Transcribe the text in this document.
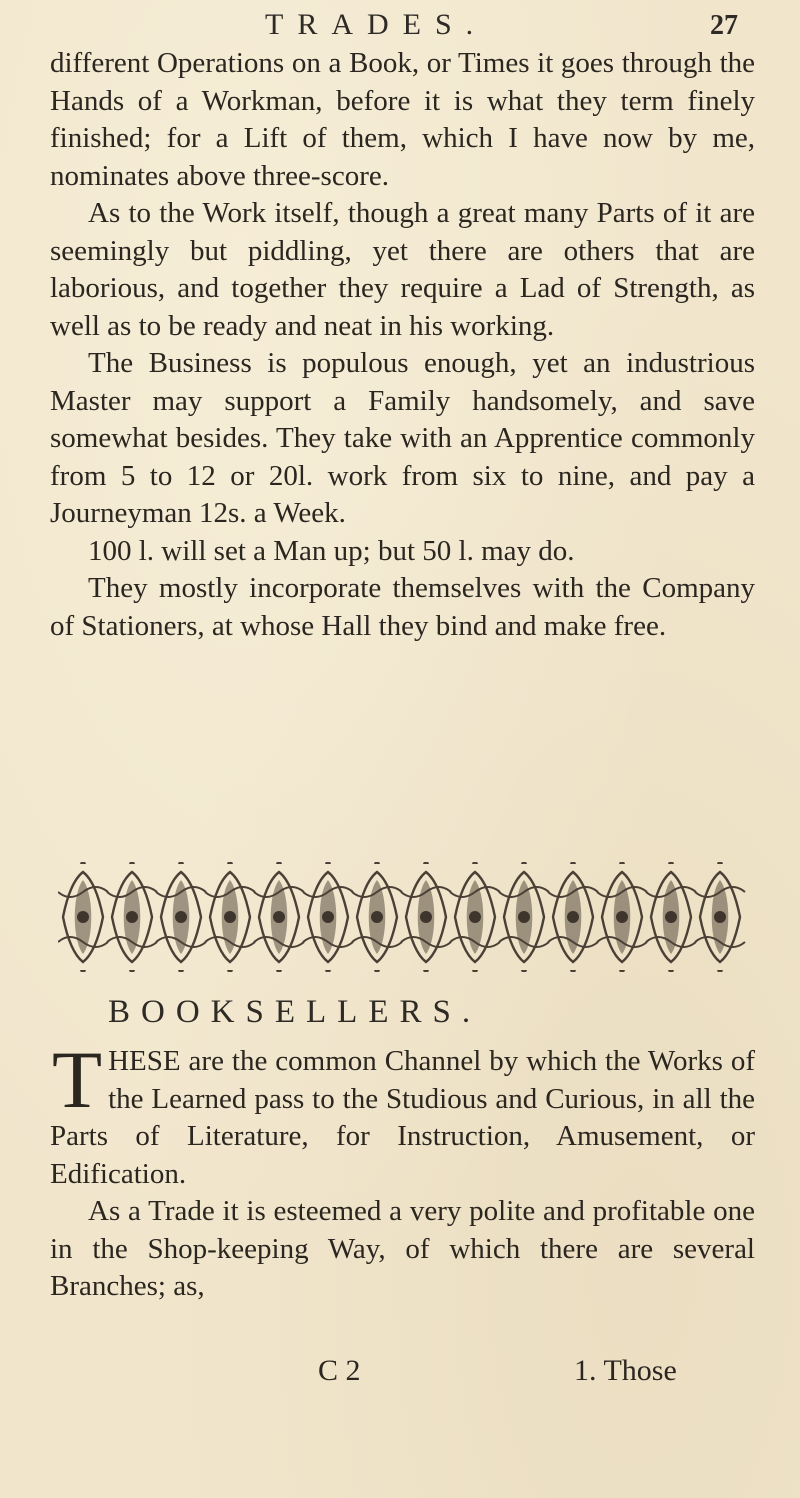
TRADES.	27

different Operations on a Book, or Times it goes through the Hands of a Workman, before it is what they term finely finished; for a Lift of them, which I have now by me, nominates above three-score.

As to the Work itself, though a great many Parts of it are seemingly but piddling, yet there are others that are laborious, and together they require a Lad of Strength, as well as to be ready and neat in his working.

The Business is populous enough, yet an industrious Master may support a Family handsomely, and save somewhat besides. They take with an Apprentice commonly from 5 to 12 or 20l. work from six to nine, and pay a Journeyman 12s. a Week.

100 l. will set a Man up; but 50 l. may do.

They mostly incorporate themselves with the Company of Stationers, at whose Hall they bind and make free.

BOOKSELLERS.

THESE are the common Channel by which the Works of the Learned pass to the Studious and Curious, in all the Parts of Literature, for Instruction, Amusement, or Edification.

As a Trade it is esteemed a very polite and profitable one in the Shop-keeping Way, of which there are several Branches; as,

C 2	1. Those
